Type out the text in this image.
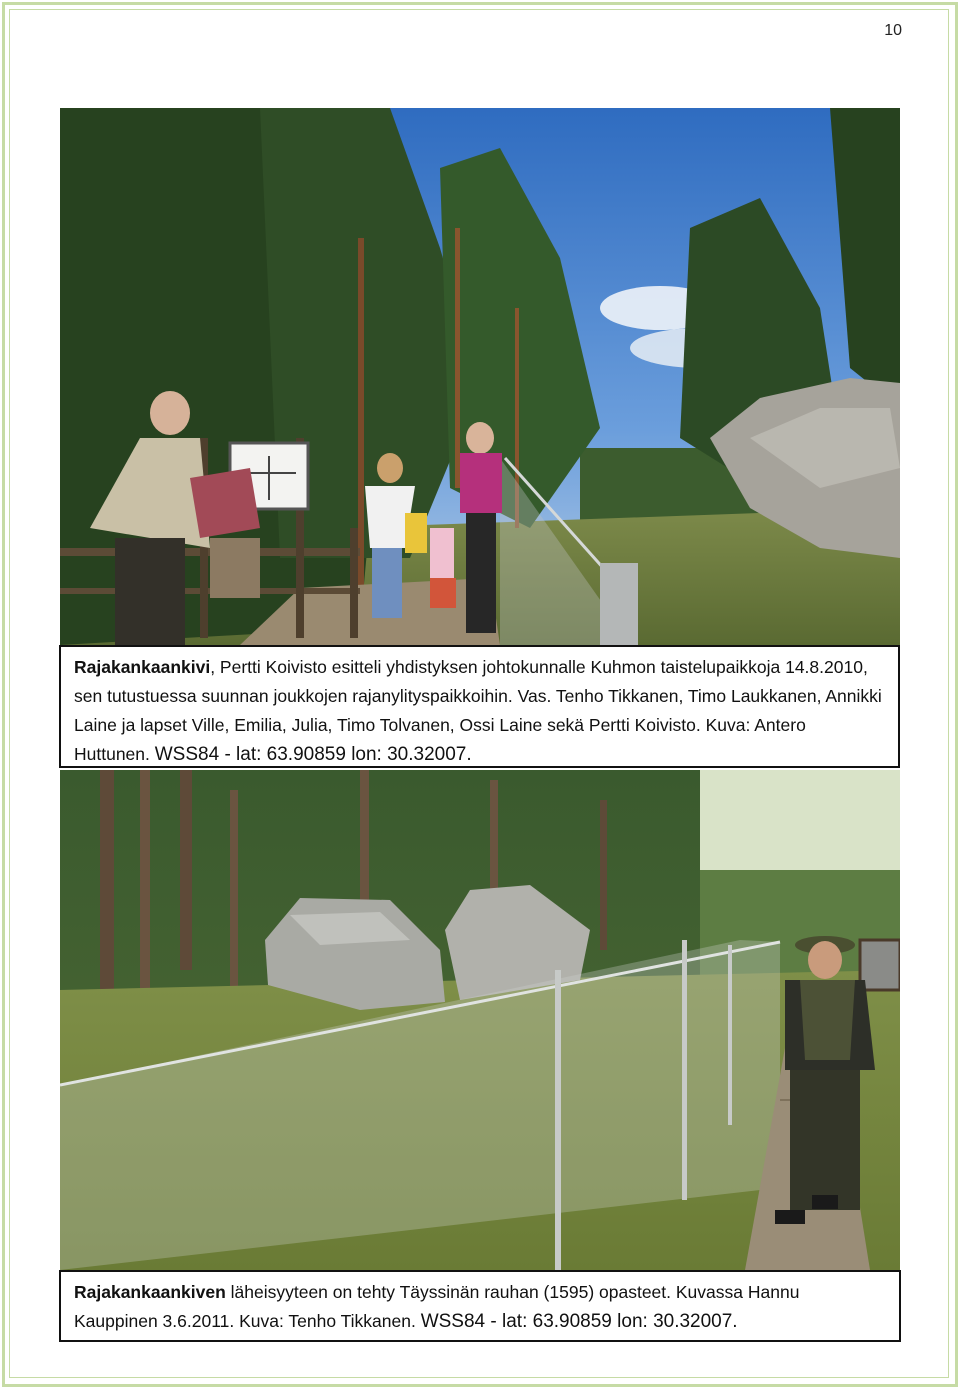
10
Rajakankaankivi, Pertti Koivisto esitteli yhdistyksen johtokunnalle Kuhmon taistelupaikkoja 14.8.2010, sen tutustuessa suunnan joukkojen rajanylityspaikkoihin. Vas. Tenho Tikkanen, Timo Laukkanen, Annikki Laine ja lapset Ville, Emilia, Julia, Timo Tolvanen, Ossi Laine sekä Pertti Koivisto. Kuva: Antero Huttunen. WSS84 - lat: 63.90859 lon: 30.32007.
Rajakankaankiven läheisyyteen on tehty Täyssinän rauhan (1595) opasteet. Kuvassa Hannu Kauppinen 3.6.2011. Kuva: Tenho Tikkanen. WSS84 - lat: 63.90859 lon: 30.32007.
